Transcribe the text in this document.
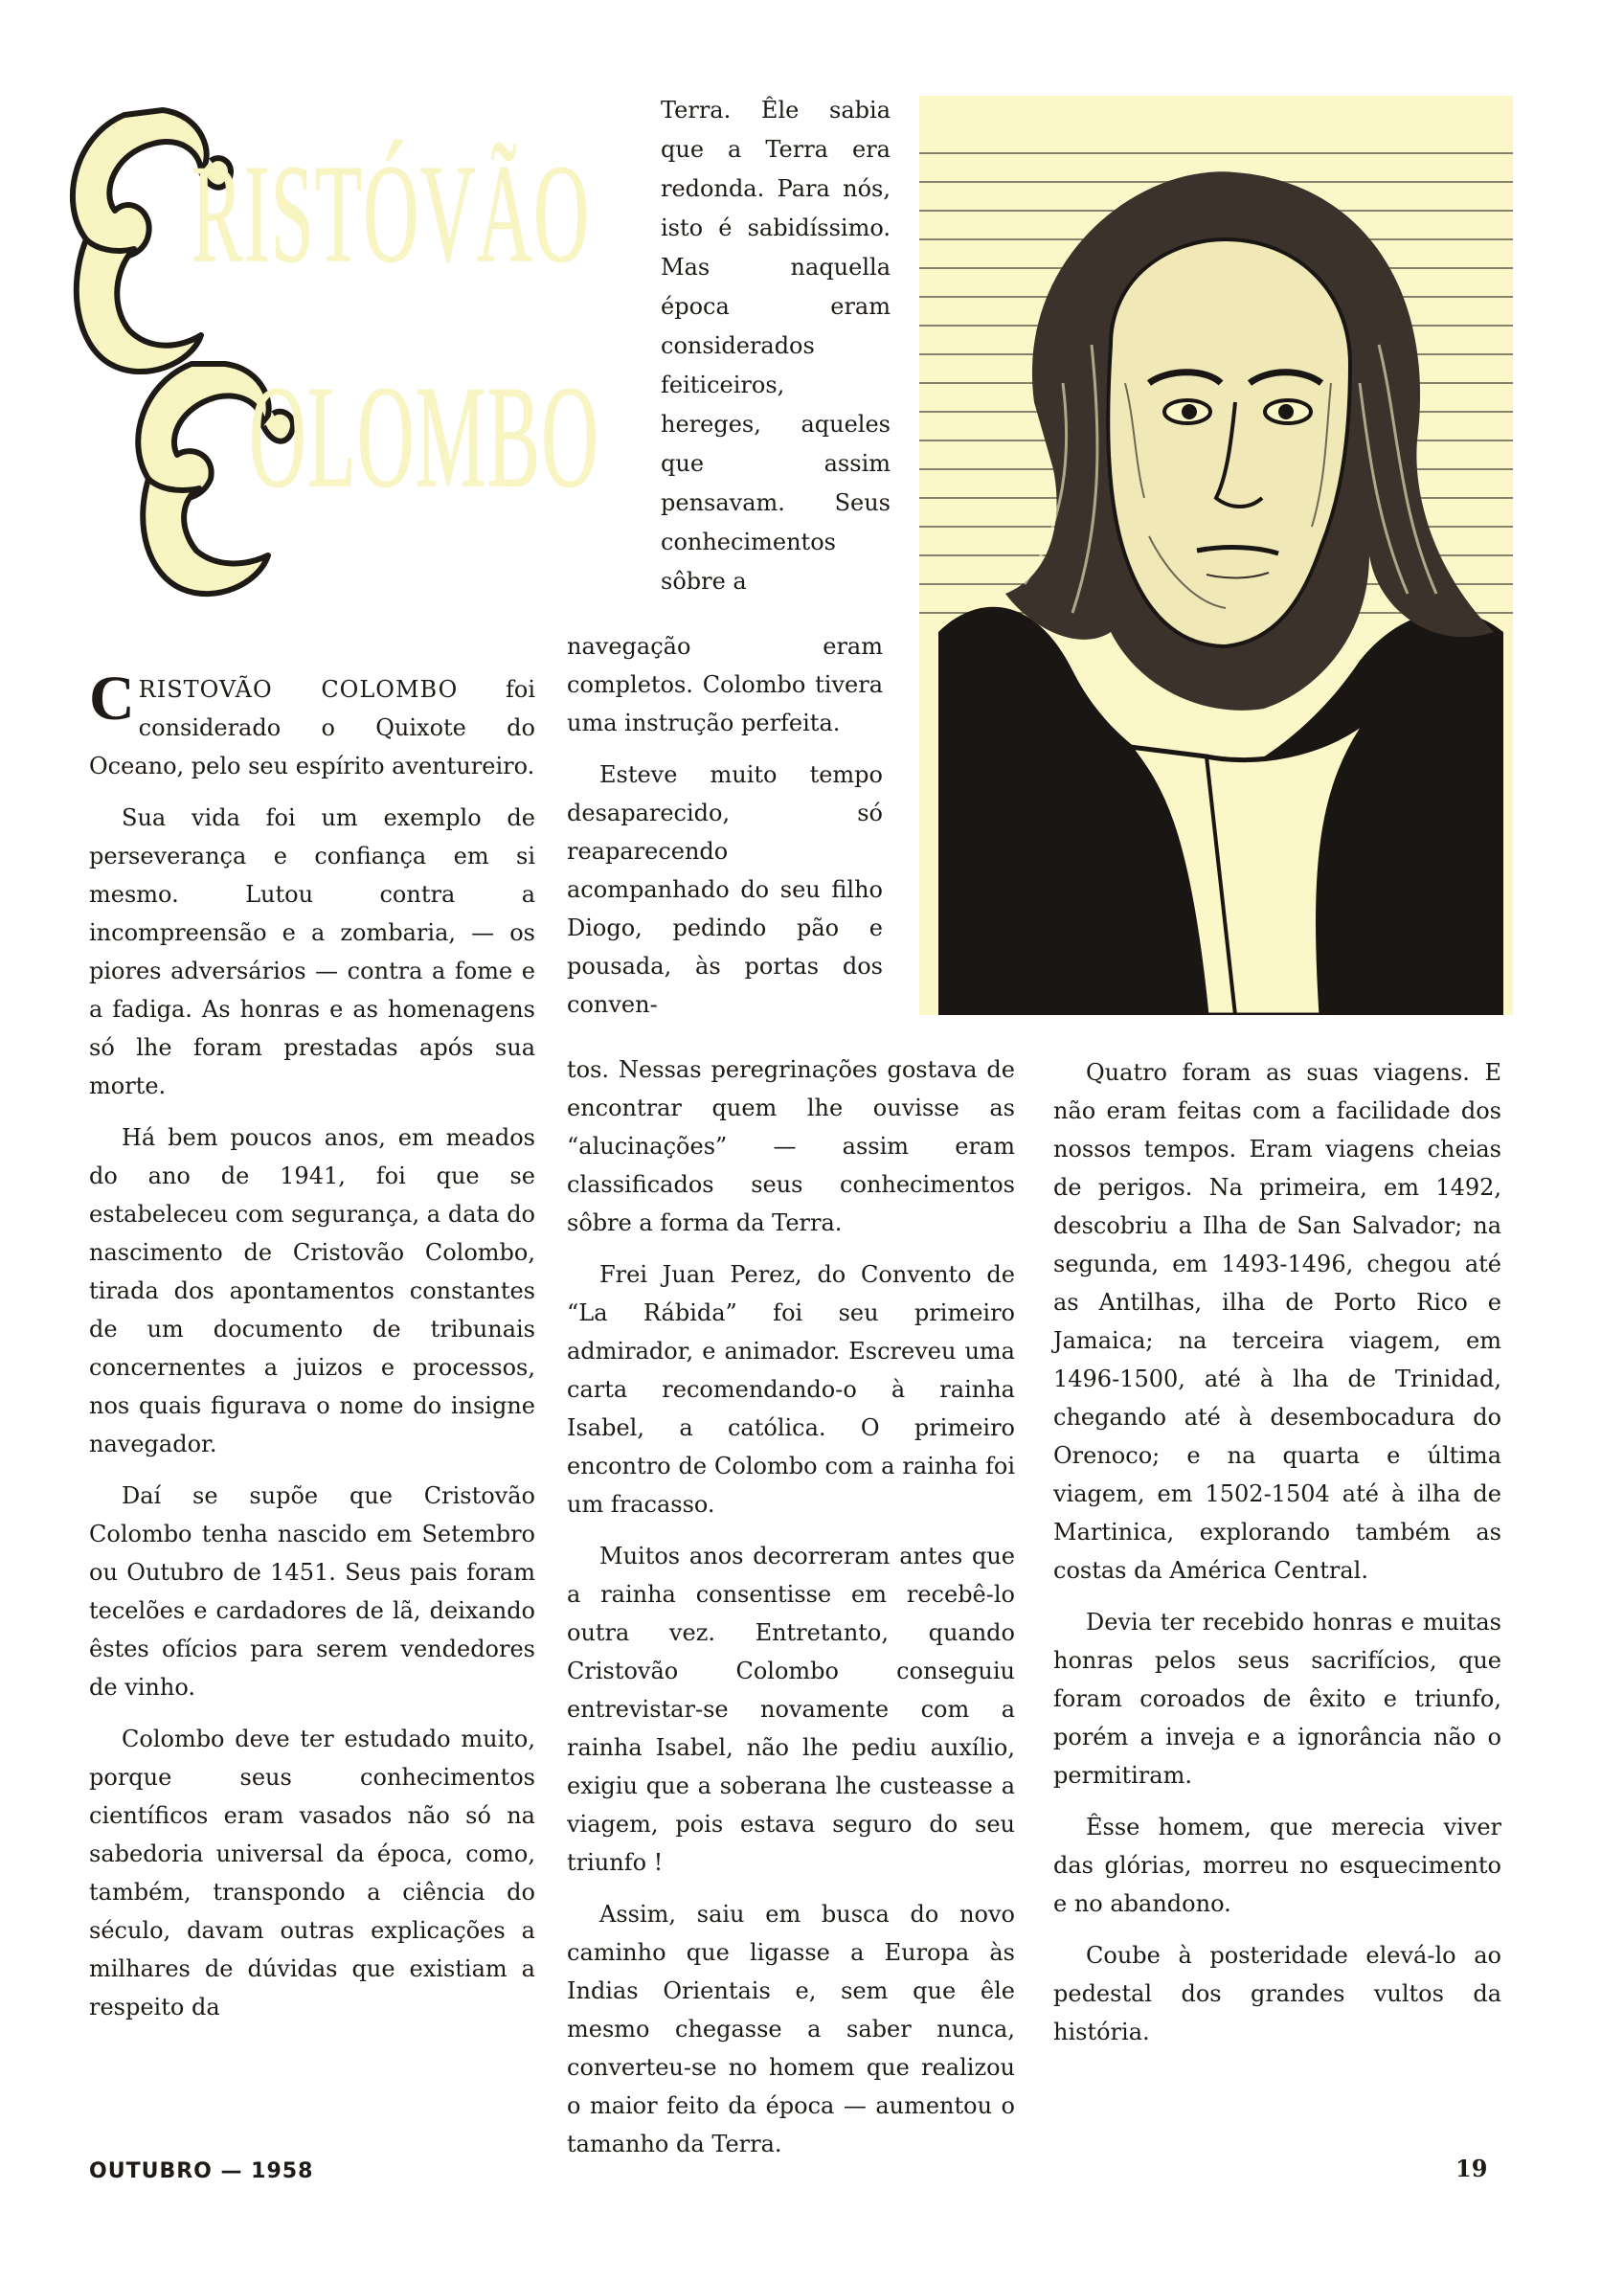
RISTÓVÃO
OLOMBO

Terra. Êle sabia que a Terra era redonda. Para nós, isto é sabidíssimo. Mas naquella época eram considerados feiticeiros, hereges, aqueles que assim pensavam. Seus conhecimentos sôbre a

navegação eram completos. Colombo tivera uma instrução perfeita.

Esteve muito tempo desaparecido, só reaparecendo acompanhado do seu filho Diogo, pedindo pão e pousada, às portas dos conven-

tos. Nessas peregrinações gostava de encontrar quem lhe ouvisse as “alucinações” — assim eram classificados seus conhecimentos sôbre a forma da Terra.

Frei Juan Perez, do Convento de “La Rábida” foi seu primeiro admirador, e animador. Escreveu uma carta recomendando-o à rainha Isabel, a católica. O primeiro encontro de Colombo com a rainha foi um fracasso.

Muitos anos decorreram antes que a rainha consentisse em recebê-lo outra vez. Entretanto, quando Cristovão Colombo conseguiu entrevistar-se novamente com a rainha Isabel, não lhe pediu auxílio, exigiu que a soberana lhe custeasse a viagem, pois estava seguro do seu triunfo !

Assim, saiu em busca do novo caminho que ligasse a Europa às Indias Orientais e, sem que êle mesmo chegasse a saber nunca, converteu-se no homem que realizou o maior feito da época — aumentou o tamanho da Terra.

CRISTOVÃO COLOMBO foi considerado o Quixote do Oceano, pelo seu espírito aventureiro.

Sua vida foi um exemplo de perseverança e confiança em si mesmo. Lutou contra a incompreensão e a zombaria, — os piores adversários — contra a fome e a fadiga. As honras e as homenagens só lhe foram prestadas após sua morte.

Há bem poucos anos, em meados do ano de 1941, foi que se estabeleceu com segurança, a data do nascimento de Cristovão Colombo, tirada dos apontamentos constantes de um documento de tribunais concernentes a juizos e processos, nos quais figurava o nome do insigne navegador.

Daí se supõe que Cristovão Colombo tenha nascido em Setembro ou Outubro de 1451. Seus pais foram tecelões e cardadores de lã, deixando êstes ofícios para serem vendedores de vinho.

Colombo deve ter estudado muito, porque seus conhecimentos científicos eram vasados não só na sabedoria universal da época, como, também, transpondo a ciência do século, davam outras explicações a milhares de dúvidas que existiam a respeito da

Quatro foram as suas viagens. E não eram feitas com a facilidade dos nossos tempos. Eram viagens cheias de perigos. Na primeira, em 1492, descobriu a Ilha de San Salvador; na segunda, em 1493-1496, chegou até as Antilhas, ilha de Porto Rico e Jamaica; na terceira viagem, em 1496-1500, até à lha de Trinidad, chegando até à desembocadura do Orenoco; e na quarta e última viagem, em 1502-1504 até à ilha de Martinica, explorando também as costas da América Central.

Devia ter recebido honras e muitas honras pelos seus sacrifícios, que foram coroados de êxito e triunfo, porém a inveja e a ignorância não o permitiram.

Êsse homem, que merecia viver das glórias, morreu no esquecimento e no abandono.

Coube à posteridade elevá-lo ao pedestal dos grandes vultos da história.

OUTUBRO — 1958	19
